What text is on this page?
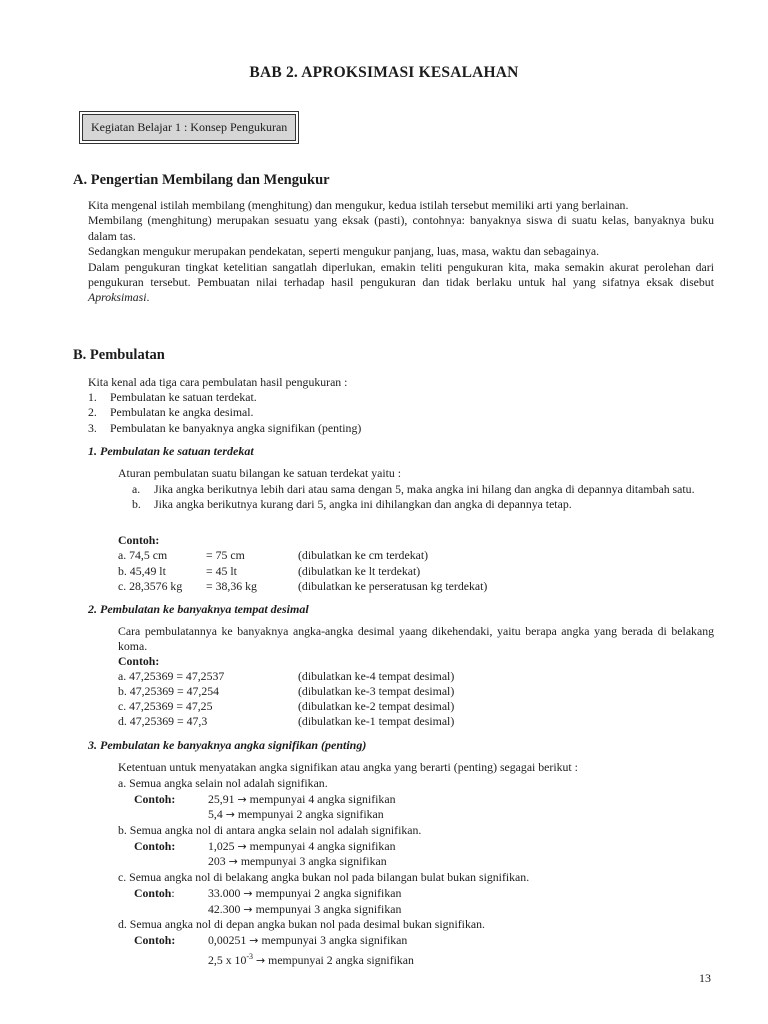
BAB 2. APROKSIMASI KESALAHAN
Kegiatan Belajar 1 : Konsep Pengukuran
A. Pengertian Membilang dan Mengukur
Kita mengenal istilah membilang (menghitung) dan mengukur, kedua istilah tersebut memiliki arti yang berlainan.
Membilang (menghitung) merupakan sesuatu yang eksak (pasti), contohnya: banyaknya siswa di suatu kelas, banyaknya buku dalam tas.
Sedangkan mengukur merupakan pendekatan, seperti mengukur panjang, luas, masa, waktu dan sebagainya.
Dalam pengukuran tingkat ketelitian sangatlah diperlukan, emakin teliti pengukuran kita, maka semakin akurat perolehan dari pengukuran tersebut. Pembuatan nilai terhadap hasil pengukuran dan tidak berlaku untuk hal yang sifatnya eksak disebut Aproksimasi.
B. Pembulatan
Kita kenal ada tiga cara pembulatan hasil pengukuran :
1. Pembulatan ke satuan terdekat.
2. Pembulatan ke angka desimal.
3. Pembulatan ke banyaknya angka signifikan (penting)
1. Pembulatan ke satuan terdekat
Aturan pembulatan suatu bilangan ke satuan terdekat yaitu :
a. Jika angka berikutnya lebih dari atau sama dengan 5, maka angka ini hilang dan angka di depannya ditambah satu.
b. Jika angka berikutnya kurang dari 5, angka ini dihilangkan dan angka di depannya tetap.
Contoh:
a. 74,5 cm	= 75 cm	(dibulatkan ke cm terdekat)
b. 45,49 lt	= 45 lt	(dibulatkan ke lt terdekat)
c. 28,3576 kg = 38,36 kg	(dibulatkan ke perseratusan kg terdekat)
2. Pembulatan ke banyaknya tempat desimal
Cara pembulatannya ke banyaknya angka-angka desimal yaang dikehendaki, yaitu berapa angka yang berada di belakang koma.
Contoh:
a. 47,25369 = 47,2537	(dibulatkan ke-4 tempat desimal)
b. 47,25369 = 47,254	(dibulatkan ke-3 tempat desimal)
c. 47,25369 = 47,25	(dibulatkan ke-2 tempat desimal)
d. 47,25369 = 47,3	(dibulatkan ke-1 tempat desimal)
3. Pembulatan ke banyaknya angka signifikan (penting)
Ketentuan untuk menyatakan angka signifikan atau angka yang berarti (penting) segagai berikut :
a. Semua angka selain nol adalah signifikan.
Contoh:	25,91 → mempunyai 4 angka signifikan
5,4 → mempunyai 2 angka signifikan
b. Semua angka nol di antara angka selain nol adalah signifikan.
Contoh:	1,025 → mempunyai 4 angka signifikan
203 → mempunyai 3 angka signifikan
c. Semua angka nol di belakang angka bukan nol pada bilangan bulat bukan signifikan.
Contoh:	33.000 → mempunyai 2 angka signifikan
42.300 → mempunyai 3 angka signifikan
d. Semua angka nol di depan angka bukan nol pada desimal bukan signifikan.
Contoh:	0,00251 → mempunyai 3 angka signifikan
2,5 x $10^{-3}$ → mempunyai 2 angka signifikan
13
